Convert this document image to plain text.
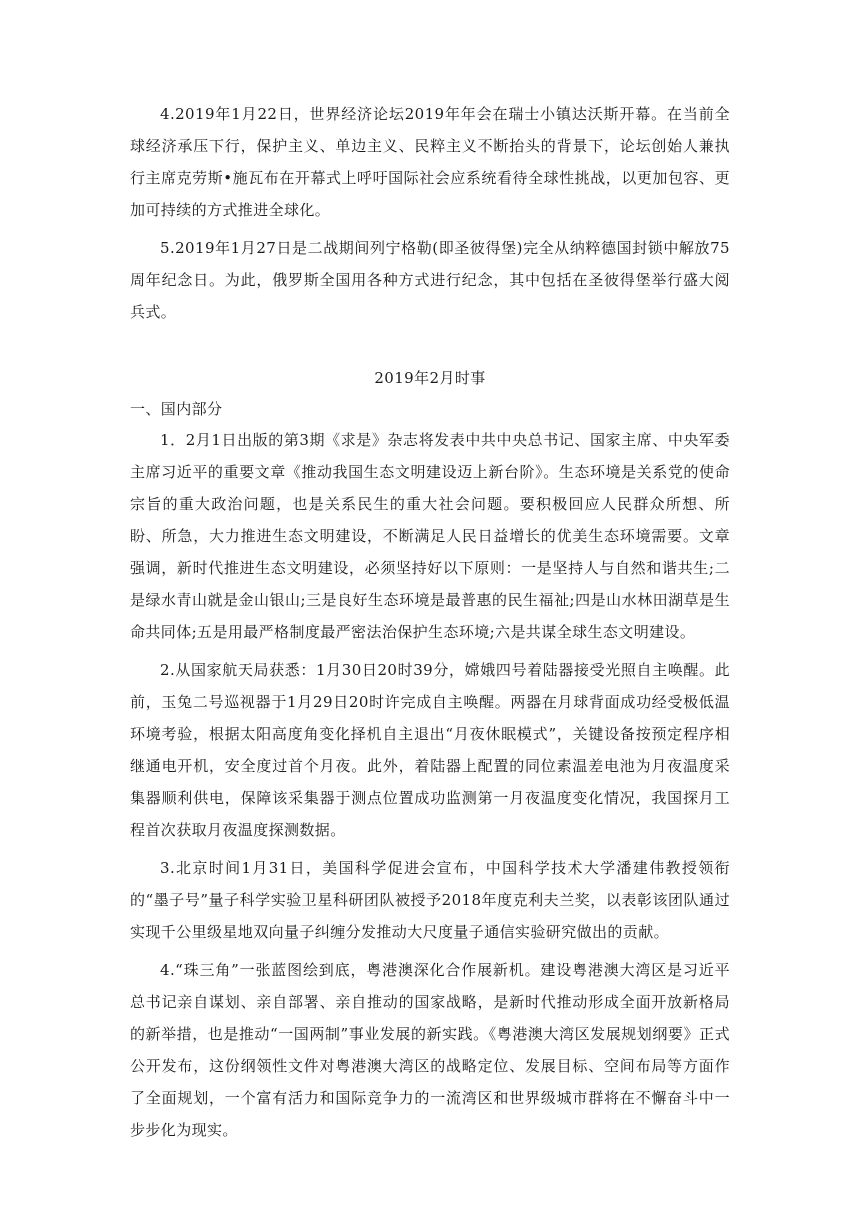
4.2019年1月22日，世界经济论坛2019年年会在瑞士小镇达沃斯开幕。在当前全球经济承压下行，保护主义、单边主义、民粹主义不断抬头的背景下，论坛创始人兼执行主席克劳斯•施瓦布在开幕式上呼吁国际社会应系统看待全球性挑战，以更加包容、更加可持续的方式推进全球化。

5.2019年1月27日是二战期间列宁格勒(即圣彼得堡)完全从纳粹德国封锁中解放75周年纪念日。为此，俄罗斯全国用各种方式进行纪念，其中包括在圣彼得堡举行盛大阅兵式。

2019年2月时事

一、国内部分

1．2月1日出版的第3期《求是》杂志将发表中共中央总书记、国家主席、中央军委主席习近平的重要文章《推动我国生态文明建设迈上新台阶》。生态环境是关系党的使命宗旨的重大政治问题，也是关系民生的重大社会问题。要积极回应人民群众所想、所盼、所急，大力推进生态文明建设，不断满足人民日益增长的优美生态环境需要。文章强调，新时代推进生态文明建设，必须坚持好以下原则：一是坚持人与自然和谐共生;二是绿水青山就是金山银山;三是良好生态环境是最普惠的民生福祉;四是山水林田湖草是生命共同体;五是用最严格制度最严密法治保护生态环境;六是共谋全球生态文明建设。

2.从国家航天局获悉：1月30日20时39分，嫦娥四号着陆器接受光照自主唤醒。此前，玉兔二号巡视器于1月29日20时许完成自主唤醒。两器在月球背面成功经受极低温环境考验，根据太阳高度角变化择机自主退出“月夜休眠模式”，关键设备按预定程序相继通电开机，安全度过首个月夜。此外，着陆器上配置的同位素温差电池为月夜温度采集器顺利供电，保障该采集器于测点位置成功监测第一月夜温度变化情况，我国探月工程首次获取月夜温度探测数据。

3.北京时间1月31日，美国科学促进会宣布，中国科学技术大学潘建伟教授领衔的“墨子号”量子科学实验卫星科研团队被授予2018年度克利夫兰奖，以表彰该团队通过实现千公里级星地双向量子纠缠分发推动大尺度量子通信实验研究做出的贡献。

4.“珠三角”一张蓝图绘到底，粤港澳深化合作展新机。建设粤港澳大湾区是习近平总书记亲自谋划、亲自部署、亲自推动的国家战略，是新时代推动形成全面开放新格局的新举措，也是推动“一国两制”事业发展的新实践。《粤港澳大湾区发展规划纲要》正式公开发布，这份纲领性文件对粤港澳大湾区的战略定位、发展目标、空间布局等方面作了全面规划，一个富有活力和国际竞争力的一流湾区和世界级城市群将在不懈奋斗中一步步化为现实。
